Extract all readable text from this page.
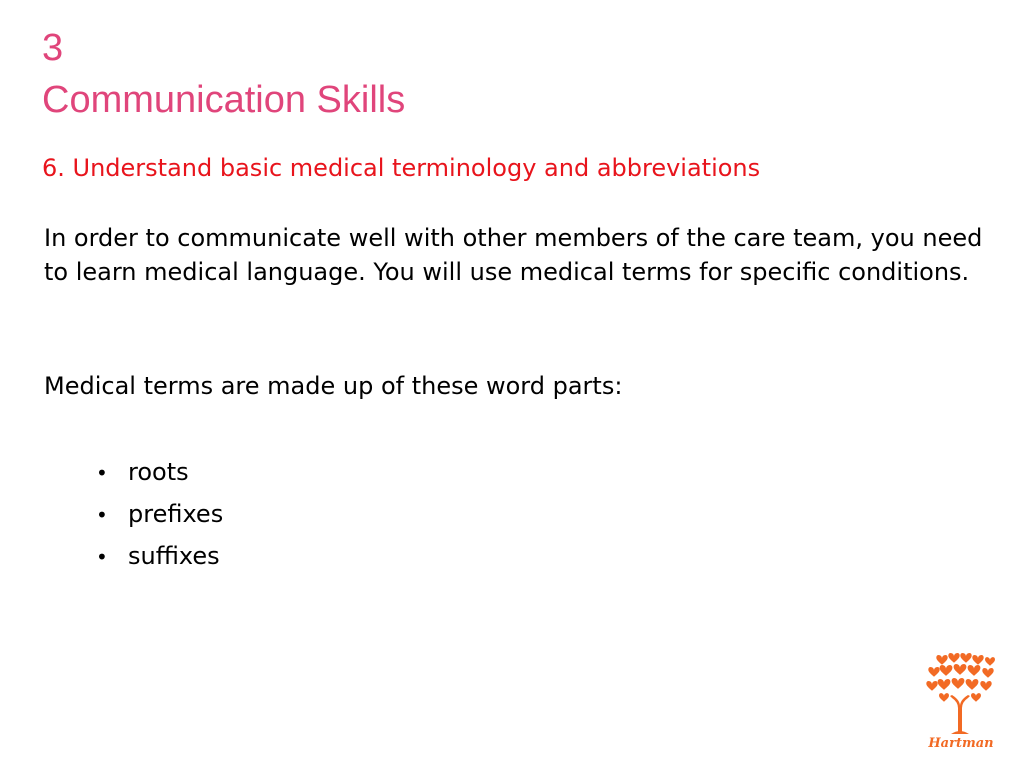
3
Communication Skills
6. Understand basic medical terminology and abbreviations
In order to communicate well with other members of the care team, you need to learn medical language. You will use medical terms for specific conditions.
Medical terms are made up of these word parts:
• roots
• prefixes
• suffixes
Hartman
